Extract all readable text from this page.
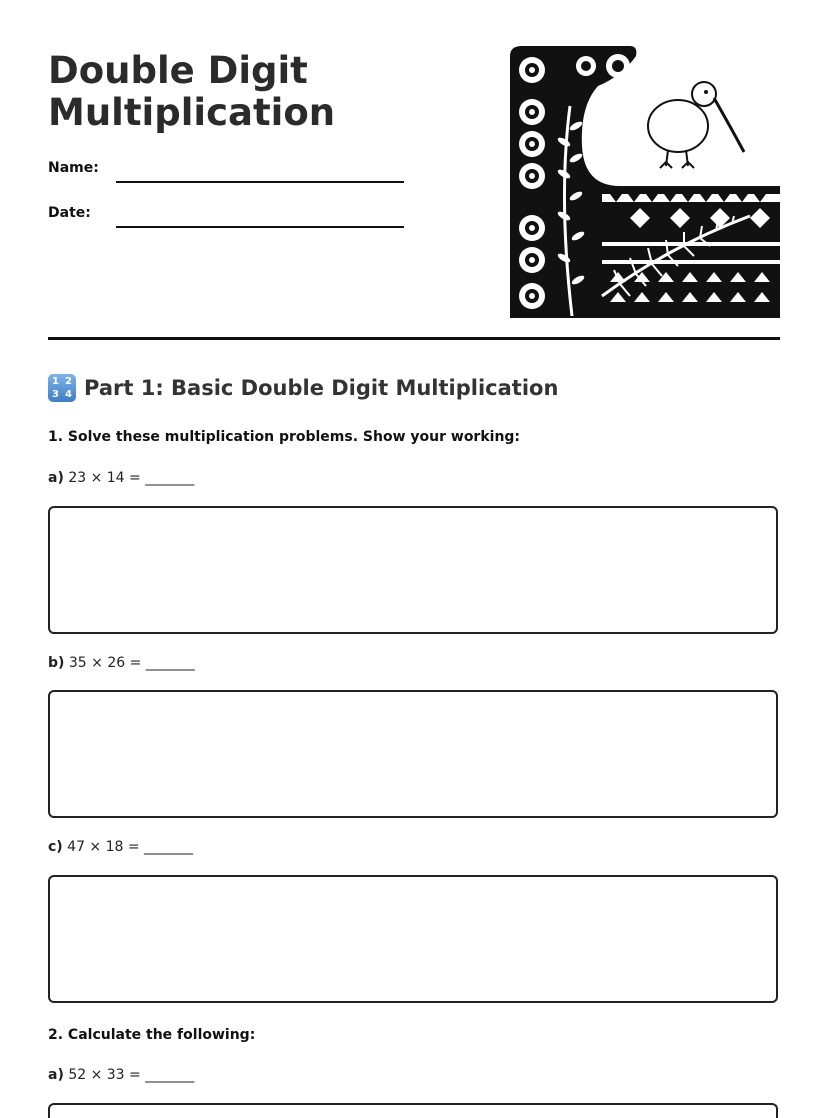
Double Digit
Multiplication
Name:
Date:
1 2
3 4 Part 1: Basic Double Digit Multiplication
1. Solve these multiplication problems. Show your working:
a) 23 × 14 = _______
b) 35 × 26 = _______
c) 47 × 18 = _______
2. Calculate the following:
a) 52 × 33 = _______
